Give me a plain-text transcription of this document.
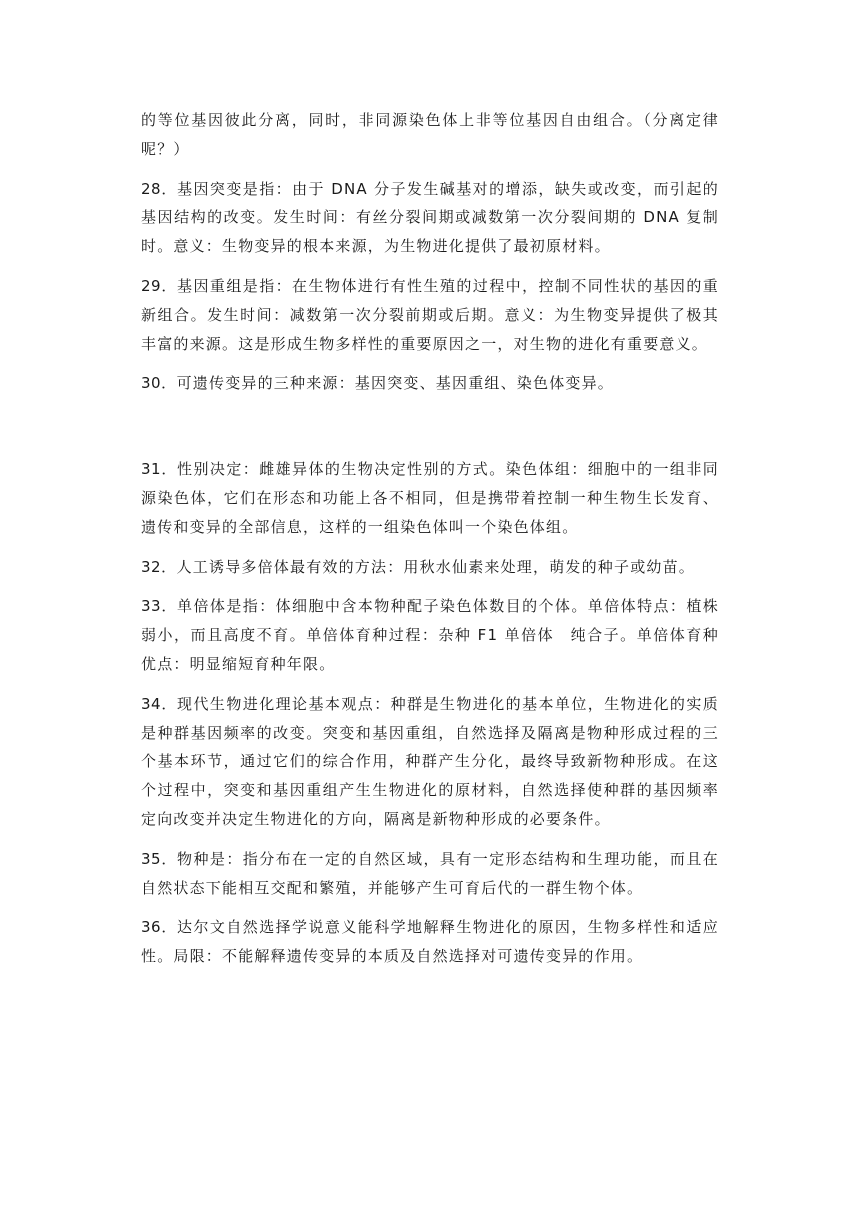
的等位基因彼此分离，同时，非同源染色体上非等位基因自由组合。（分离定律呢？）

28．基因突变是指：由于 DNA 分子发生碱基对的增添，缺失或改变，而引起的基因结构的改变。发生时间：有丝分裂间期或减数第一次分裂间期的 DNA 复制时。意义：生物变异的根本来源，为生物进化提供了最初原材料。

29．基因重组是指：在生物体进行有性生殖的过程中，控制不同性状的基因的重新组合。发生时间：减数第一次分裂前期或后期。意义：为生物变异提供了极其丰富的来源。这是形成生物多样性的重要原因之一，对生物的进化有重要意义。

30．可遗传变异的三种来源：基因突变、基因重组、染色体变异。

31．性别决定：雌雄异体的生物决定性别的方式。染色体组：细胞中的一组非同源染色体，它们在形态和功能上各不相同，但是携带着控制一种生物生长发育、遗传和变异的全部信息，这样的一组染色体叫一个染色体组。

32．人工诱导多倍体最有效的方法：用秋水仙素来处理，萌发的种子或幼苗。

33．单倍体是指：体细胞中含本物种配子染色体数目的个体。单倍体特点：植株弱小，而且高度不育。单倍体育种过程：杂种 F1 单倍体　纯合子。单倍体育种优点：明显缩短育种年限。

34．现代生物进化理论基本观点：种群是生物进化的基本单位，生物进化的实质是种群基因频率的改变。突变和基因重组，自然选择及隔离是物种形成过程的三个基本环节，通过它们的综合作用，种群产生分化，最终导致新物种形成。在这个过程中，突变和基因重组产生生物进化的原材料，自然选择使种群的基因频率定向改变并决定生物进化的方向，隔离是新物种形成的必要条件。

35．物种是：指分布在一定的自然区域，具有一定形态结构和生理功能，而且在自然状态下能相互交配和繁殖，并能够产生可育后代的一群生物个体。

36．达尔文自然选择学说意义能科学地解释生物进化的原因，生物多样性和适应性。局限：不能解释遗传变异的本质及自然选择对可遗传变异的作用。
